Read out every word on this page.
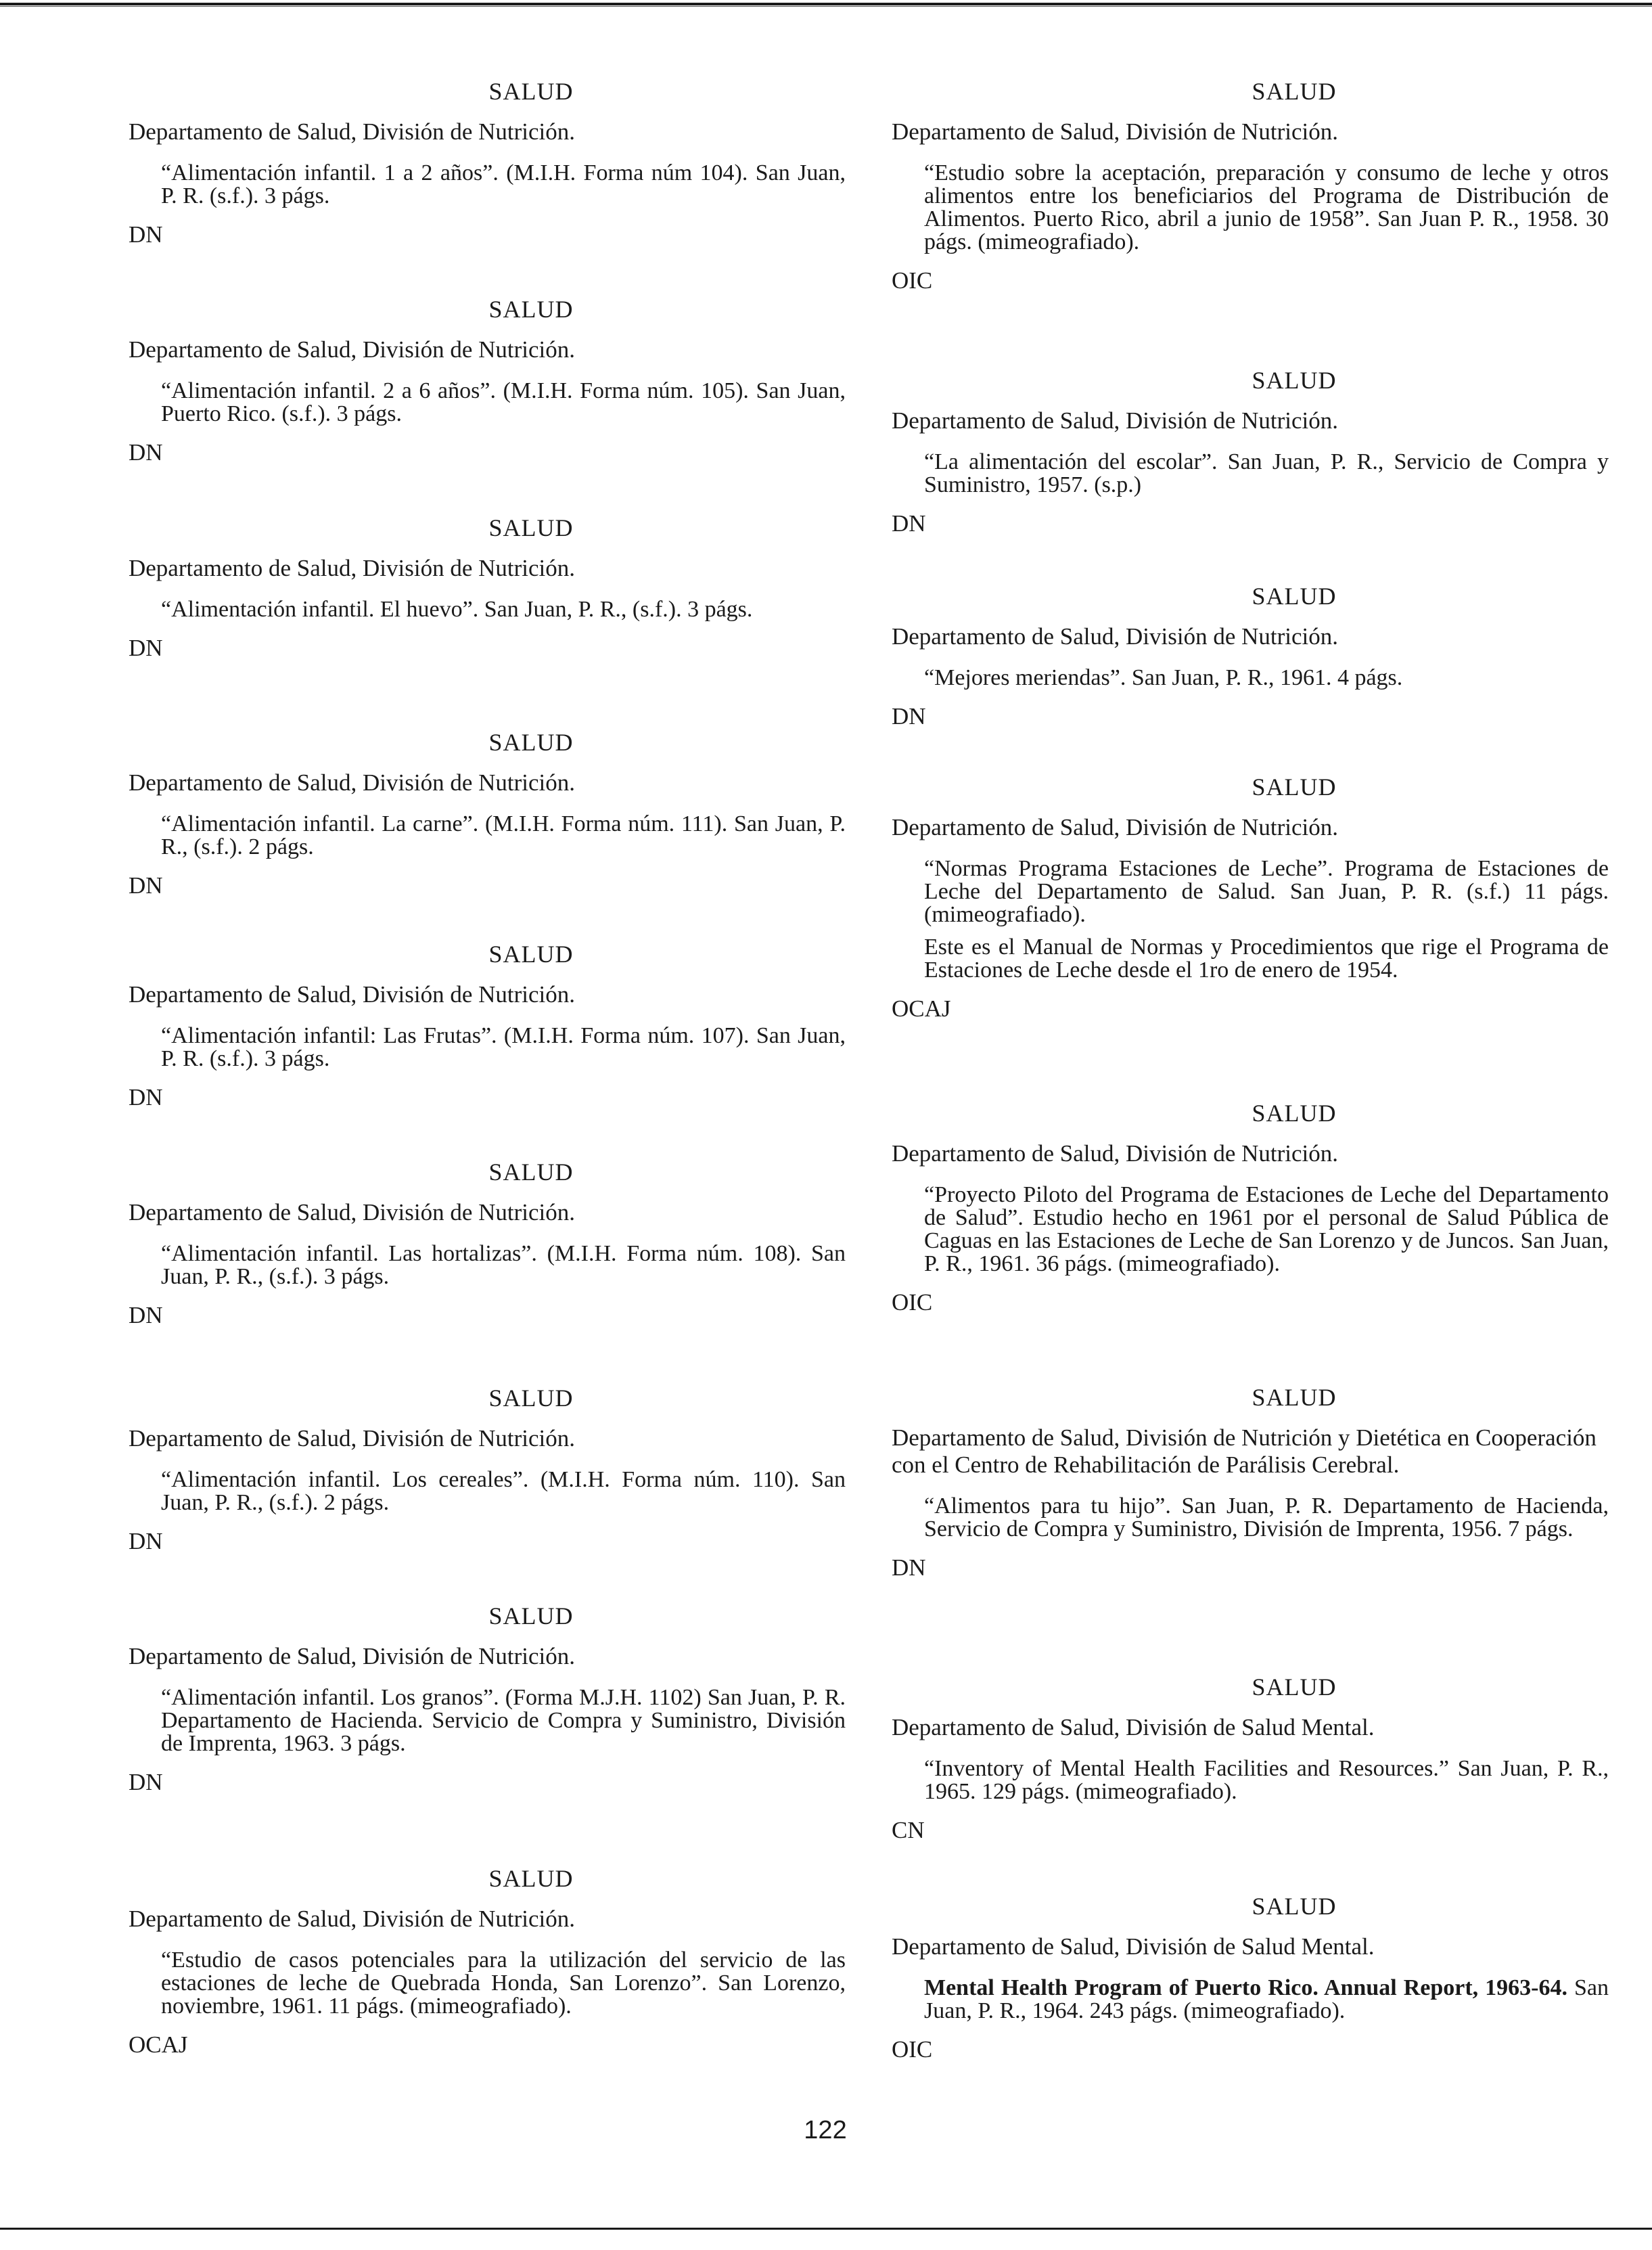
SALUD
Departamento de Salud, División de Nutrición.
“Alimentación infantil. 1 a 2 años”. (M.I.H. Forma núm 104). San Juan, P. R. (s.f.). 3 págs.
DN
SALUD
Departamento de Salud, División de Nutrición.
“Alimentación infantil. 2 a 6 años”. (M.I.H. Forma núm. 105). San Juan, Puerto Rico. (s.f.). 3 págs.
DN
SALUD
Departamento de Salud, División de Nutrición.
“Alimentación infantil. El huevo”. San Juan, P. R., (s.f.). 3 págs.
DN
SALUD
Departamento de Salud, División de Nutrición.
“Alimentación infantil. La carne”. (M.I.H. Forma núm. 111). San Juan, P. R., (s.f.). 2 págs.
DN
SALUD
Departamento de Salud, División de Nutrición.
“Alimentación infantil: Las Frutas”. (M.I.H. Forma núm. 107). San Juan, P. R. (s.f.). 3 págs.
DN
SALUD
Departamento de Salud, División de Nutrición.
“Alimentación infantil. Las hortalizas”. (M.I.H. Forma núm. 108). San Juan, P. R., (s.f.). 3 págs.
DN
SALUD
Departamento de Salud, División de Nutrición.
“Alimentación infantil. Los cereales”. (M.I.H. Forma núm. 110). San Juan, P. R., (s.f.). 2 págs.
DN
SALUD
Departamento de Salud, División de Nutrición.
“Alimentación infantil. Los granos”. (Forma M.J.H. 1102) San Juan, P. R. Departamento de Hacienda. Servicio de Compra y Suministro, División de Imprenta, 1963. 3 págs.
DN
SALUD
Departamento de Salud, División de Nutrición.
“Estudio de casos potenciales para la utilización del servicio de las estaciones de leche de Quebrada Honda, San Lorenzo”. San Lorenzo, noviembre, 1961. 11 págs. (mimeografiado).
OCAJ
SALUD
Departamento de Salud, División de Nutrición.
“Estudio sobre la aceptación, preparación y consumo de leche y otros alimentos entre los beneficiarios del Programa de Distribución de Alimentos. Puerto Rico, abril a junio de 1958”. San Juan P. R., 1958. 30 págs. (mimeografiado).
OIC
SALUD
Departamento de Salud, División de Nutrición.
“La alimentación del escolar”. San Juan, P. R., Servicio de Compra y Suministro, 1957. (s.p.)
DN
SALUD
Departamento de Salud, División de Nutrición.
“Mejores meriendas”. San Juan, P. R., 1961. 4 págs.
DN
SALUD
Departamento de Salud, División de Nutrición.
“Normas Programa Estaciones de Leche”. Programa de Estaciones de Leche del Departamento de Salud. San Juan, P. R. (s.f.) 11 págs. (mimeografiado).
Este es el Manual de Normas y Procedimientos que rige el Programa de Estaciones de Leche desde el 1ro de enero de 1954.
OCAJ
SALUD
Departamento de Salud, División de Nutrición.
“Proyecto Piloto del Programa de Estaciones de Leche del Departamento de Salud”. Estudio hecho en 1961 por el personal de Salud Pública de Caguas en las Estaciones de Leche de San Lorenzo y de Juncos. San Juan, P. R., 1961. 36 págs. (mimeografiado).
OIC
SALUD
Departamento de Salud, División de Nutrición y Dietética en Cooperación con el Centro de Rehabilitación de Parálisis Cerebral.
“Alimentos para tu hijo”. San Juan, P. R. Departamento de Hacienda, Servicio de Compra y Suministro, División de Imprenta, 1956. 7 págs.
DN
SALUD
Departamento de Salud, División de Salud Mental.
“Inventory of Mental Health Facilities and Resources.” San Juan, P. R., 1965. 129 págs. (mimeografiado).
CN
SALUD
Departamento de Salud, División de Salud Mental.
Mental Health Program of Puerto Rico. Annual Report, 1963-64. San Juan, P. R., 1964. 243 págs. (mimeografiado).
OIC
122
